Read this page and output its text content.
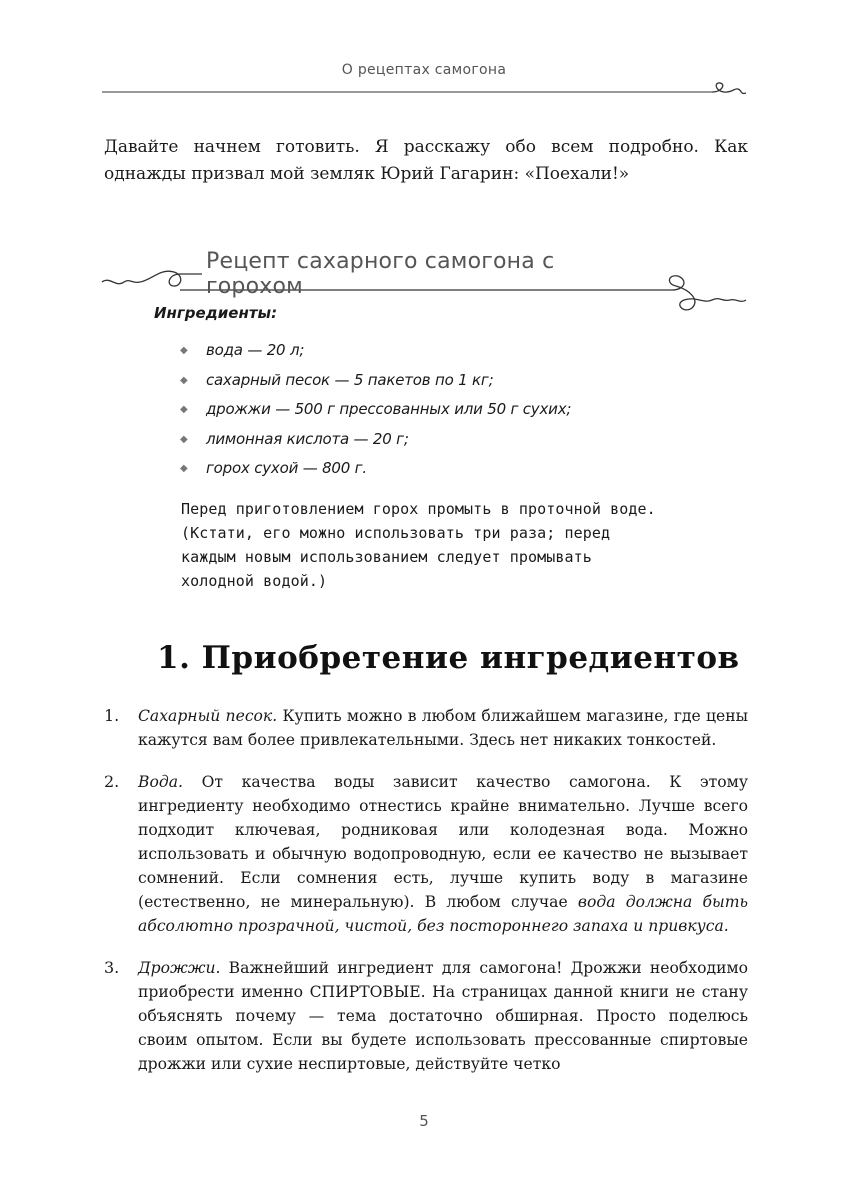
О рецептах самогона

Давайте начнем готовить. Я расскажу обо всем подробно. Как однажды призвал мой земляк Юрий Гагарин: «Поехали!»

Рецепт сахарного самогона с горохом
Ингредиенты:
◆ вода — 20 л;
◆ сахарный песок — 5 пакетов по 1 кг;
◆ дрожжи — 500 г прессованных или 50 г сухих;
◆ лимонная кислота — 20 г;
◆ горох сухой — 800 г.

Перед приготовлением горох промыть в проточной воде. (Кстати, его можно использовать три раза; перед каждым новым использованием следует промывать холодной водой.)

1. Приобретение ингредиентов
1. Сахарный песок. Купить можно в любом ближайшем магазине, где цены кажутся вам более привлекательными. Здесь нет никаких тонкостей.

2. Вода. От качества воды зависит качество самогона. К этому ингредиенту необходимо отнестись крайне внимательно. Лучше всего подходит ключевая, родниковая или колодезная вода. Можно использовать и обычную водопроводную, если ее качество не вызывает сомнений. Если сомнения есть, лучше купить воду в магазине (естественно, не минеральную). В любом случае вода должна быть абсолютно прозрачной, чистой, без постороннего запаха и привкуса.

3. Дрожжи. Важнейший ингредиент для самогона! Дрожжи необходимо приобрести именно СПИРТОВЫЕ. На страницах данной книги не стану объяснять почему — тема достаточно обширная. Просто поделюсь своим опытом. Если вы будете использовать прессованные спиртовые дрожжи или сухие неспиртовые, действуйте четко

5
